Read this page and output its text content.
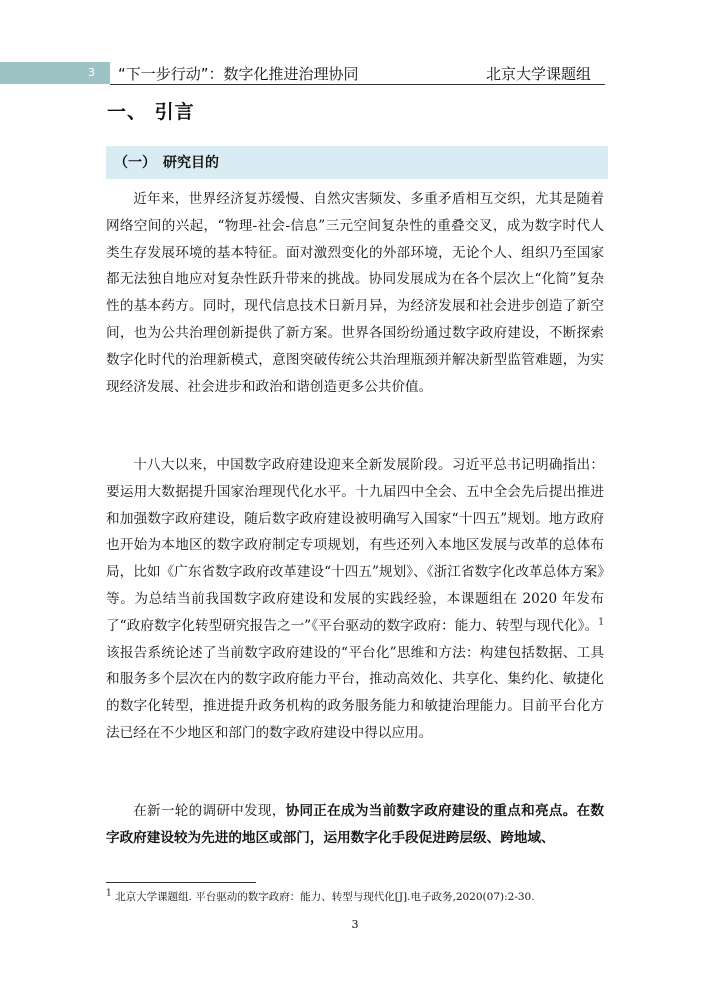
3 “下一步行动”：数字化推进治理协同	北京大学课题组
一、 引言
（一）　研究目的

近年来，世界经济复苏缓慢、自然灾害频发、多重矛盾相互交织，尤其是随着网络空间的兴起，“物理-社会-信息”三元空间复杂性的重叠交叉，成为数字时代人类生存发展环境的基本特征。面对激烈变化的外部环境，无论个人、组织乃至国家都无法独自地应对复杂性跃升带来的挑战。协同发展成为在各个层次上“化简”复杂性的基本药方。同时，现代信息技术日新月异，为经济发展和社会进步创造了新空间，也为公共治理创新提供了新方案。世界各国纷纷通过数字政府建设，不断探索数字化时代的治理新模式，意图突破传统公共治理瓶颈并解决新型监管难题，为实现经济发展、社会进步和政治和谐创造更多公共价值。

十八大以来，中国数字政府建设迎来全新发展阶段。习近平总书记明确指出：要运用大数据提升国家治理现代化水平。十九届四中全会、五中全会先后提出推进和加强数字政府建设，随后数字政府建设被明确写入国家“十四五”规划。地方政府也开始为本地区的数字政府制定专项规划，有些还列入本地区发展与改革的总体布局，比如《广东省数字政府改革建设“十四五”规划》、《浙江省数字化改革总体方案》等。为总结当前我国数字政府建设和发展的实践经验，本课题组在 2020 年发布了“政府数字化转型研究报告之一”《平台驱动的数字政府：能力、转型与现代化》。$^1$该报告系统论述了当前数字政府建设的“平台化”思维和方法：构建包括数据、工具和服务多个层次在内的数字政府能力平台，推动高效化、共享化、集约化、敏捷化的数字化转型，推进提升政务机构的政务服务能力和敏捷治理能力。目前平台化方法已经在不少地区和部门的数字政府建设中得以应用。

在新一轮的调研中发现，协同正在成为当前数字政府建设的重点和亮点。在数字政府建设较为先进的地区或部门，运用数字化手段促进跨层级、跨地域、

$^1$ 北京大学课题组. 平台驱动的数字政府：能力、转型与现代化[J].电子政务,2020(07):2-30.
3
